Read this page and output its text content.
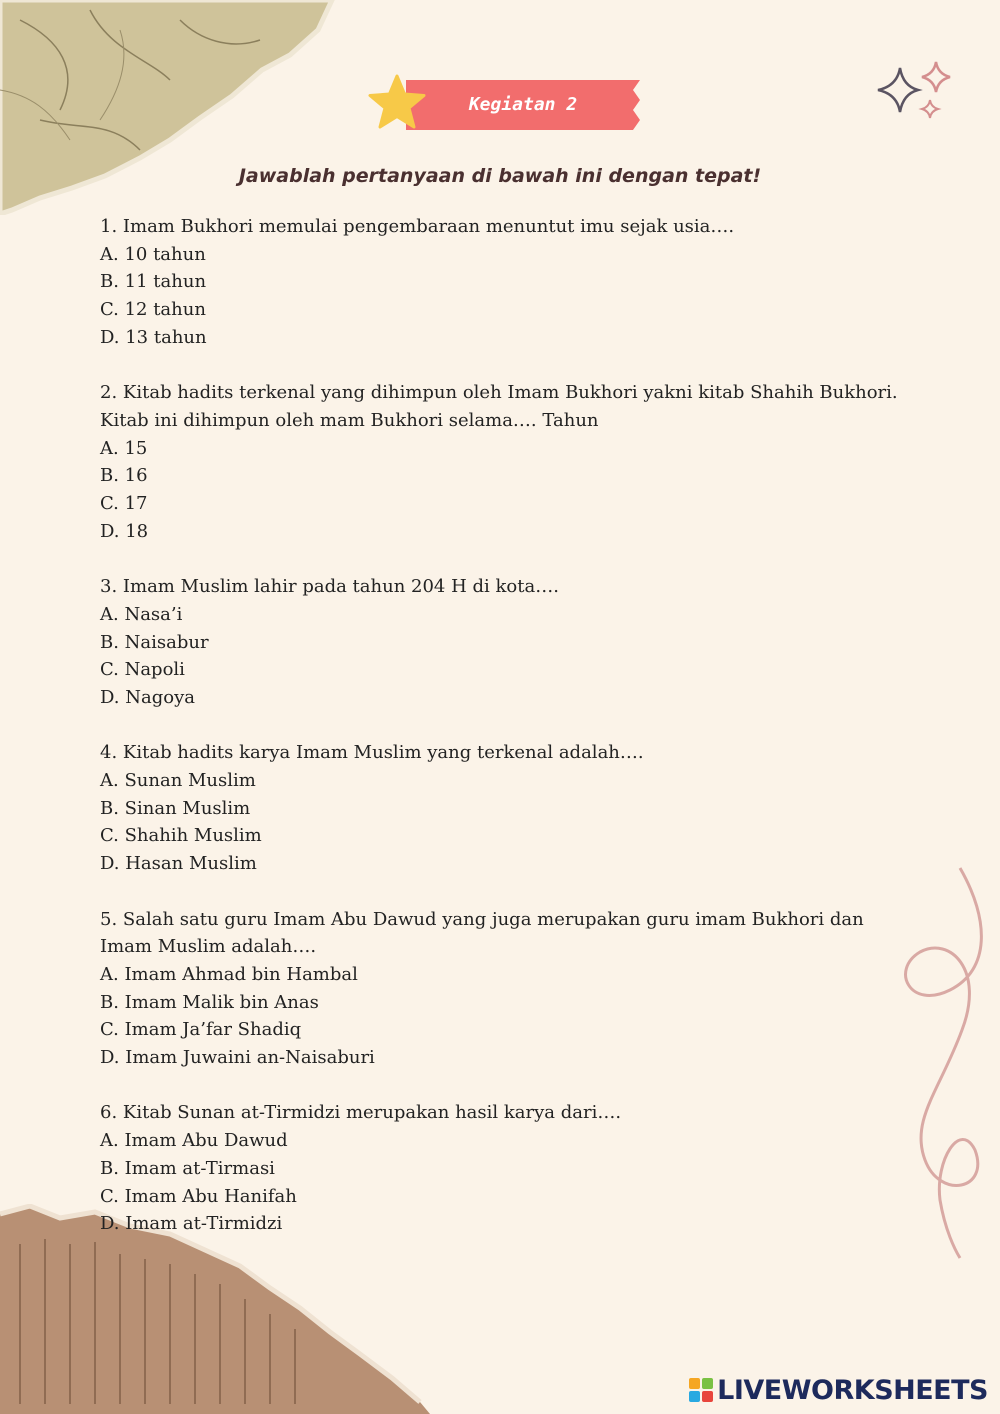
Kegiatan 2
Jawablah pertanyaan di bawah ini dengan tepat!

1. Imam Bukhori memulai pengembaraan menuntut imu sejak usia….

A. 10 tahun

B. 11 tahun

C. 12 tahun

D. 13 tahun

2. Kitab hadits terkenal yang dihimpun oleh Imam Bukhori yakni kitab Shahih Bukhori. Kitab ini dihimpun oleh mam Bukhori selama…. Tahun

A. 15

B. 16

C. 17

D. 18

3. Imam Muslim lahir pada tahun 204 H di kota….

A. Nasa’i

B. Naisabur

C. Napoli

D. Nagoya

4. Kitab hadits karya Imam Muslim yang terkenal adalah….

A. Sunan Muslim

B. Sinan Muslim

C. Shahih Muslim

D. Hasan Muslim

5. Salah satu guru Imam Abu Dawud yang juga merupakan guru imam Bukhori dan Imam Muslim adalah….

A. Imam Ahmad bin Hambal

B. Imam Malik bin Anas

C. Imam Ja’far Shadiq

D. Imam Juwaini an-Naisaburi

6. Kitab Sunan at-Tirmidzi merupakan hasil karya dari….

A. Imam Abu Dawud

B. Imam at-Tirmasi

C. Imam Abu Hanifah

D. Imam at-Tirmidzi

LIVEWORKSHEETS
